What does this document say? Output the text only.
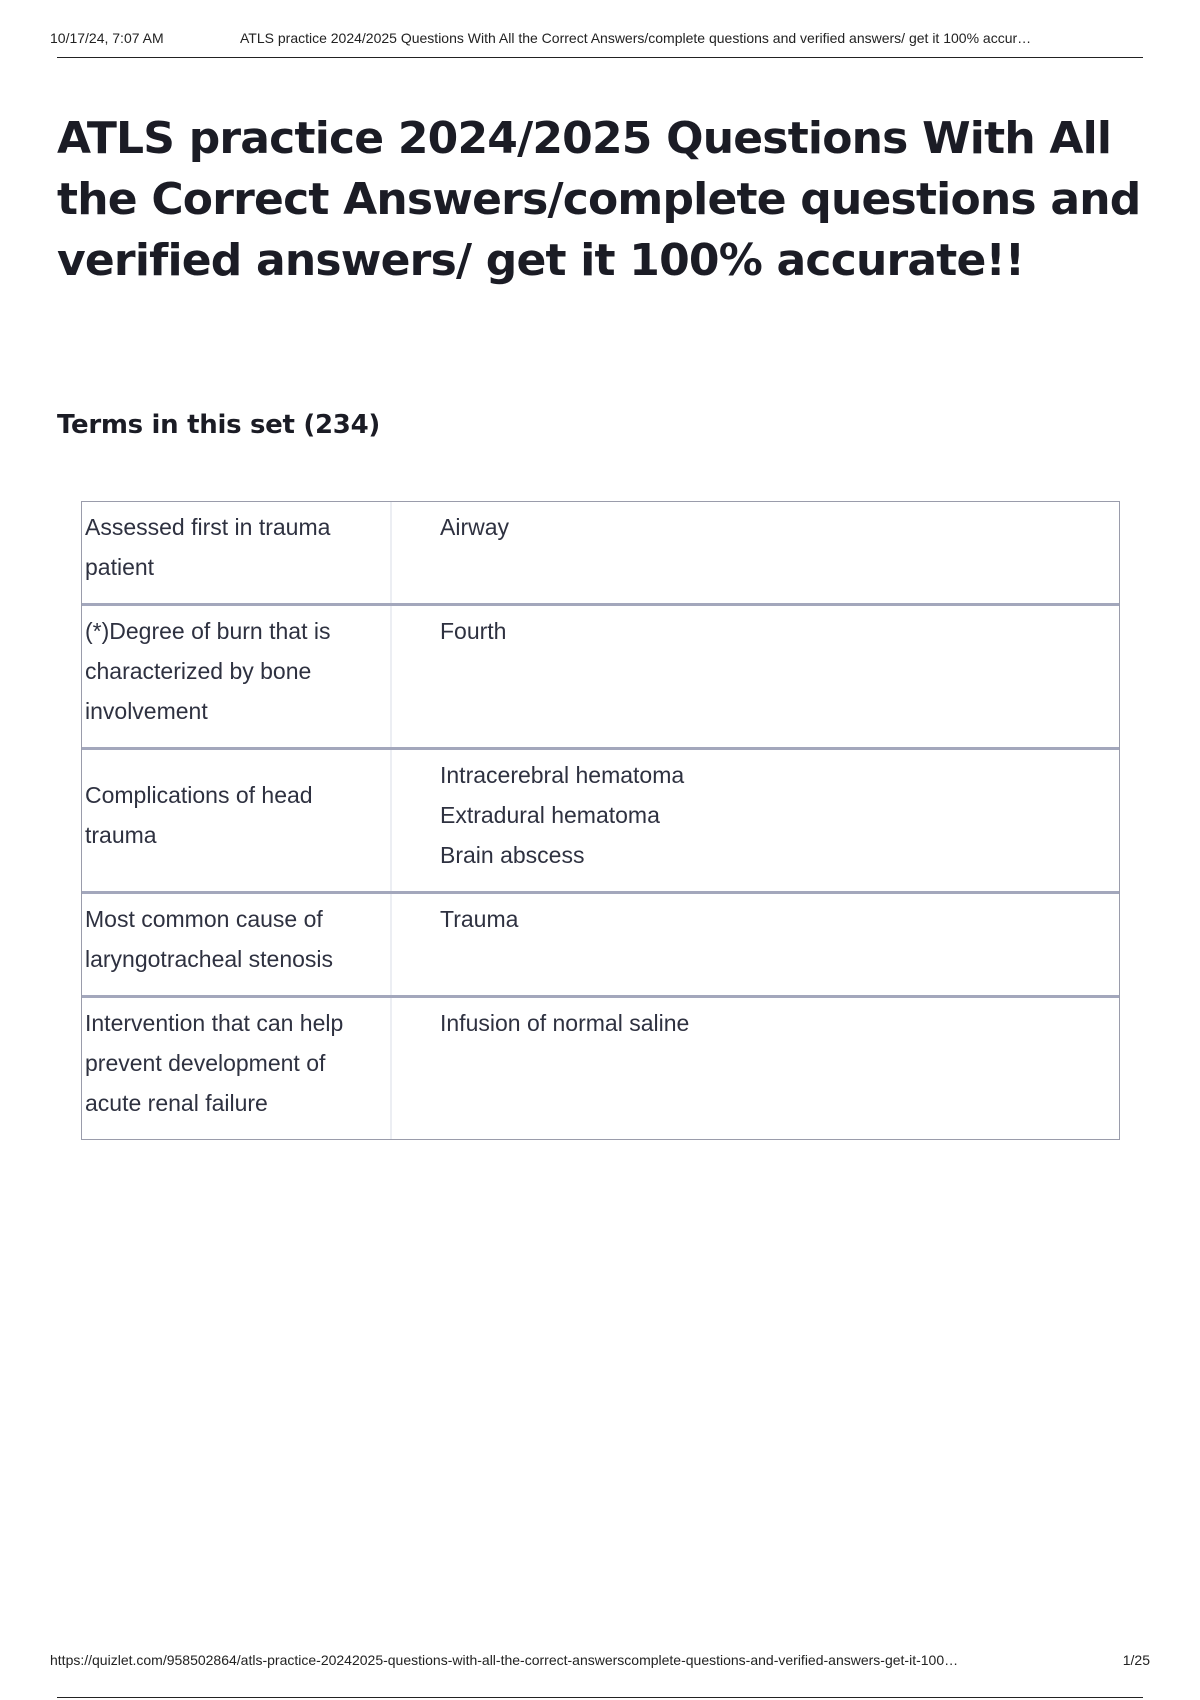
10/17/24, 7:07 AM	ATLS practice 2024/2025 Questions With All the Correct Answers/complete questions and verified answers/ get it 100% accur…
ATLS practice 2024/2025 Questions With All the Correct Answers/complete questions and verified answers/ get it 100% accurate!!
Terms in this set (234)
Assessed first in trauma patient
Airway
(*)Degree of burn that is characterized by bone involvement
Fourth
Complications of head trauma
Intracerebral hematoma
Extradural hematoma
Brain abscess
Most common cause of laryngotracheal stenosis
Trauma
Intervention that can help prevent development of acute renal failure
Infusion of normal saline
https://quizlet.com/958502864/atls-practice-20242025-questions-with-all-the-correct-answerscomplete-questions-and-verified-answers-get-it-100…	1/25
